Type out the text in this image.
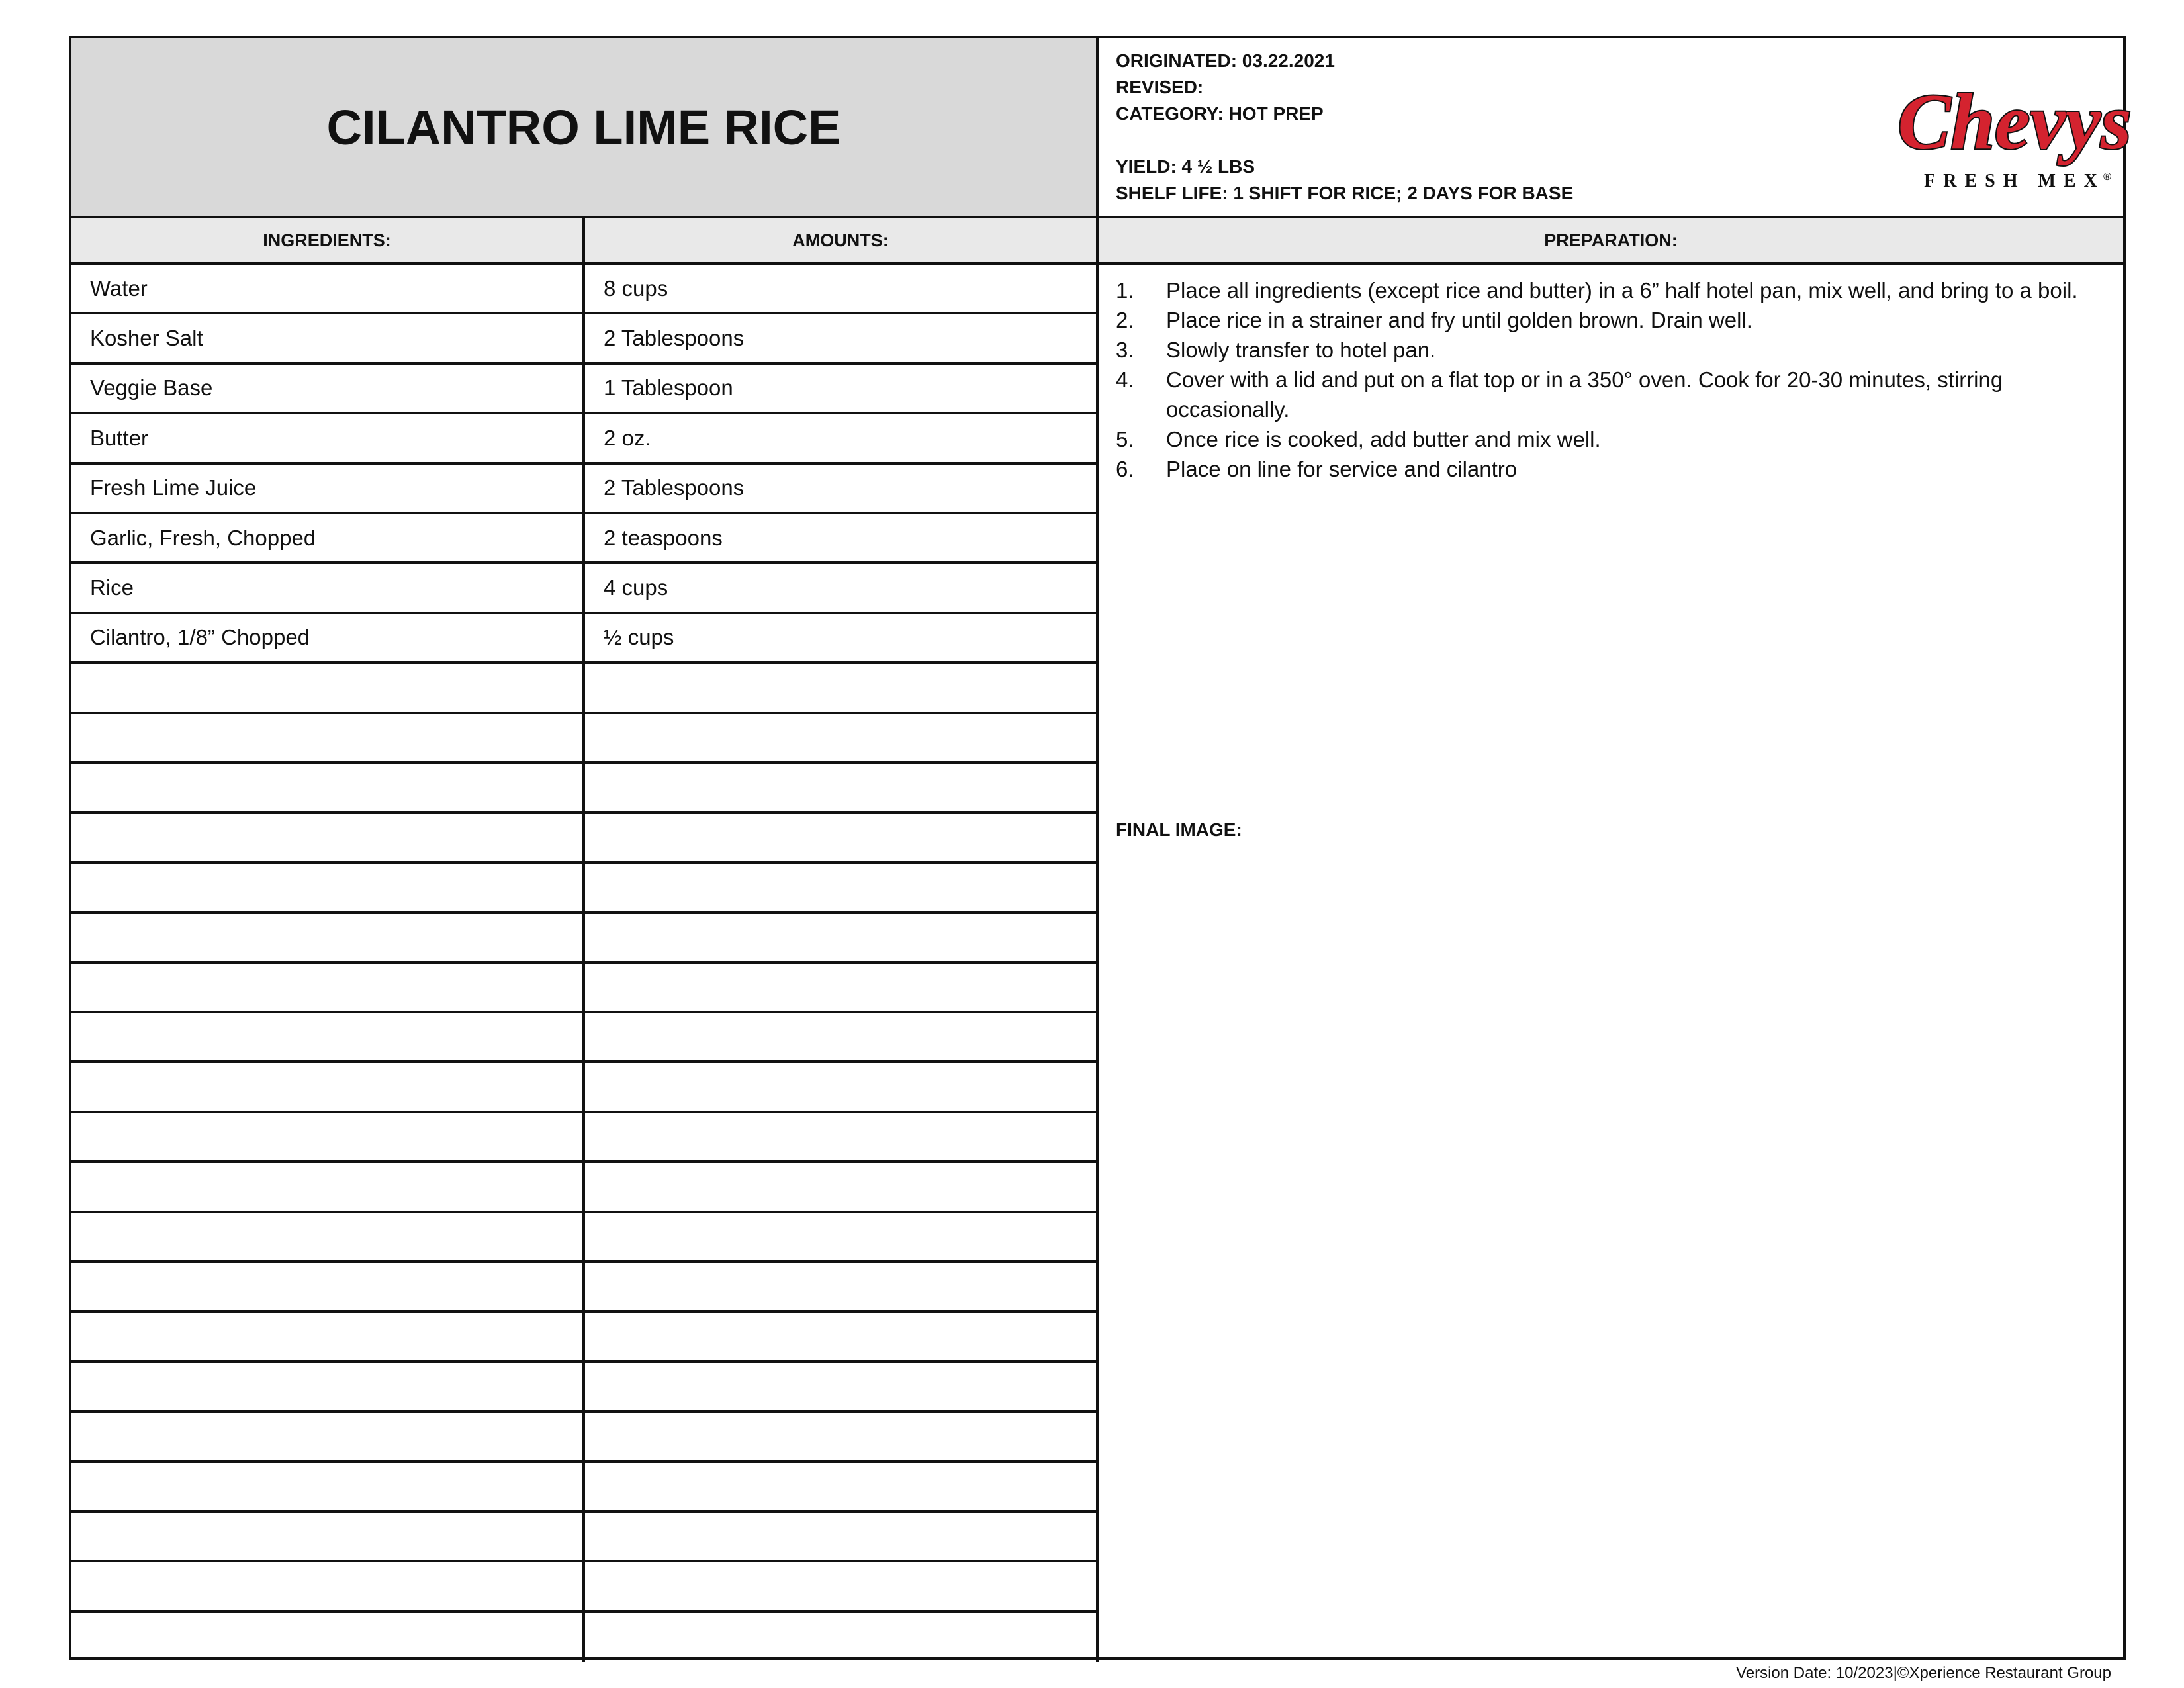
CILANTRO LIME RICE
ORIGINATED: 03.22.2021
REVISED:
CATEGORY: HOT PREP
YIELD: 4 ½ LBS
SHELF LIFE: 1 SHIFT FOR RICE; 2 DAYS FOR BASE
Chevys
FRESH MEX
®
INGREDIENTS:	AMOUNTS:	PREPARATION:
Water	8 cups
Kosher Salt	2 Tablespoons
Veggie Base	1 Tablespoon
Butter	2 oz.
Fresh Lime Juice	2 Tablespoons
Garlic, Fresh, Chopped	2 teaspoons
Rice	4 cups
Cilantro, 1/8” Chopped	½ cups
1. Place all ingredients (except rice and butter) in a 6” half hotel pan, mix well, and bring to a boil.
2. Place rice in a strainer and fry until golden brown. Drain well.
3. Slowly transfer to hotel pan.
4. Cover with a lid and put on a flat top or in a 350° oven. Cook for 20-30 minutes, stirring occasionally.
5. Once rice is cooked, add butter and mix well.
6. Place on line for service and cilantro
FINAL IMAGE:
Version Date: 10/2023|©Xperience Restaurant Group
